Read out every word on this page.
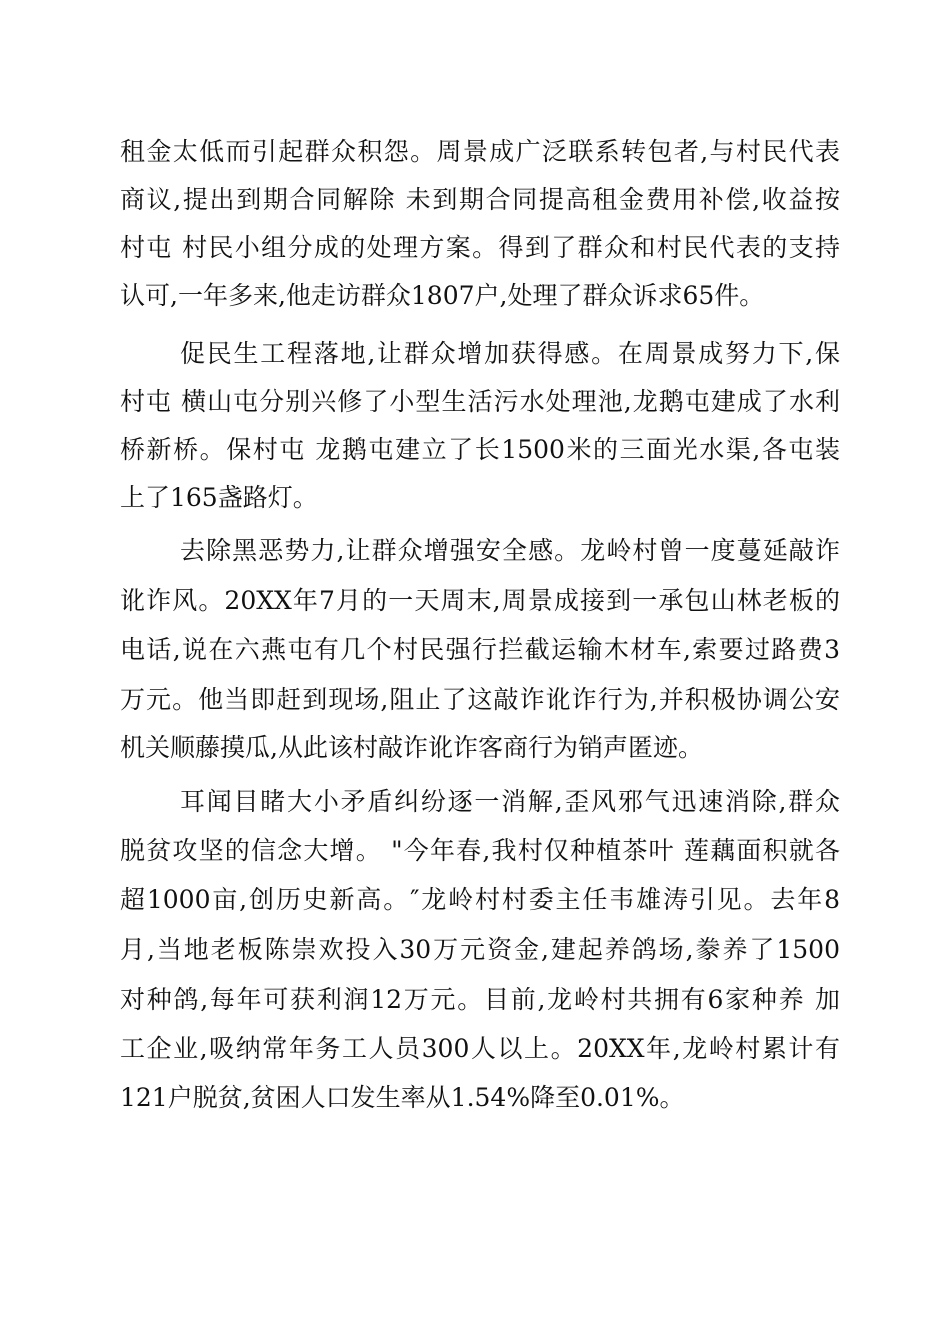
租金太低而引起群众积怨。周景成广泛联系转包者,与村民代表
商议,提出到期合同解除 未到期合同提高租金费用补偿,收益按
村屯 村民小组分成的处理方案。得到了群众和村民代表的支持
认可,一年多来,他走访群众1807户,处理了群众诉求65件。
促民生工程落地,让群众增加获得感。在周景成努力下,保
村屯 横山屯分别兴修了小型生活污水处理池,龙鹅屯建成了水利
桥新桥。保村屯 龙鹅屯建立了长1500米的三面光水渠,各屯装
上了165盏路灯。
去除黑恶势力,让群众增强安全感。龙岭村曾一度蔓延敲诈
讹诈风。20XX年7月的一天周末,周景成接到一承包山林老板的
电话,说在六燕屯有几个村民强行拦截运输木材车,索要过路费3
万元。他当即赶到现场,阻止了这敲诈讹诈行为,并积极协调公安
机关顺藤摸瓜,从此该村敲诈讹诈客商行为销声匿迹。
耳闻目睹大小矛盾纠纷逐一消解,歪风邪气迅速消除,群众
脱贫攻坚的信念大增。 "今年春,我村仅种植茶叶 莲藕面积就各
超1000亩,创历史新高。″龙岭村村委主任韦雄涛引见。去年8
月,当地老板陈崇欢投入30万元资金,建起养鸽场,豢养了1500
对种鸽,每年可获利润12万元。目前,龙岭村共拥有6家种养 加
工企业,吸纳常年务工人员300人以上。20XX年,龙岭村累计有
121户脱贫,贫困人口发生率从1.54%降至0.01%。
